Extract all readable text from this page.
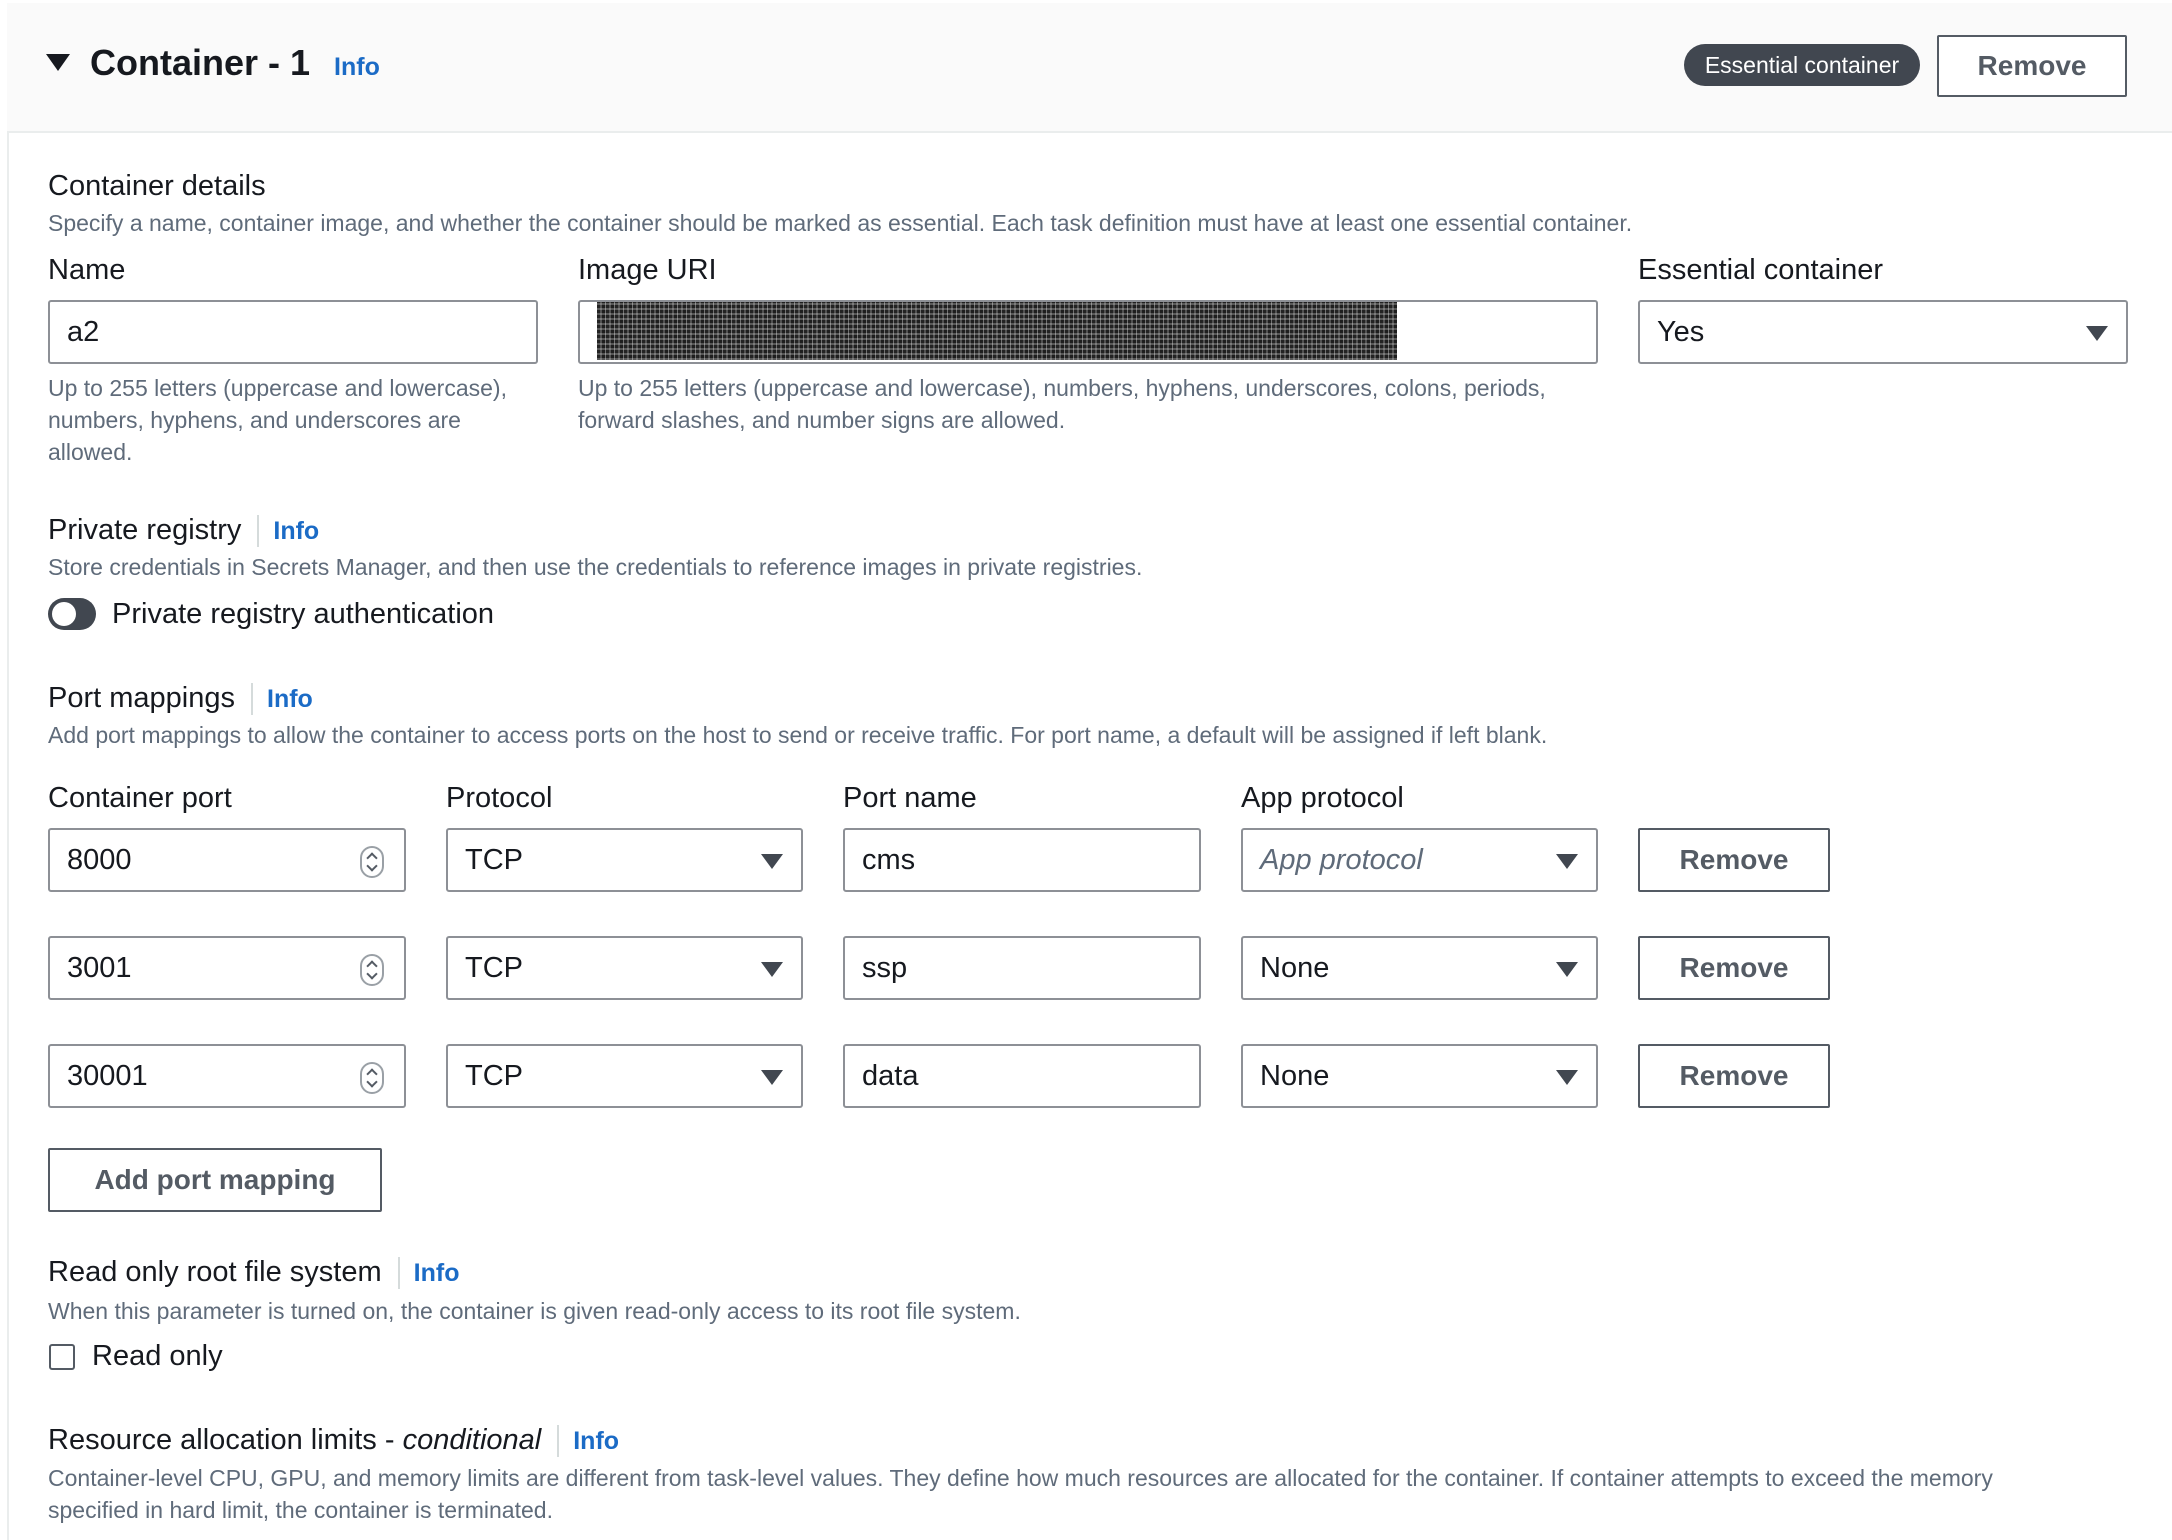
Container - 1 Info	Essential container	Remove
Container details
Specify a name, container image, and whether the container should be marked as essential. Each task definition must have at least one essential container.
Name
a2
Up to 255 letters (uppercase and lowercase),
numbers, hyphens, and underscores are
allowed.
Image URI
Up to 255 letters (uppercase and lowercase), numbers, hyphens, underscores, colons, periods,
forward slashes, and number signs are allowed.
Essential container
Yes
Private registry Info
Store credentials in Secrets Manager, and then use the credentials to reference images in private registries.
Private registry authentication
Port mappings Info
Add port mappings to allow the container to access ports on the host to send or receive traffic. For port name, a default will be assigned if left blank.
Container port	Protocol	Port name	App protocol
8000	TCP	cms	App protocol	Remove
3001	TCP	ssp	None	Remove
30001	TCP	data	None	Remove
Add port mapping
Read only root file system Info
When this parameter is turned on, the container is given read-only access to its root file system.
Read only
Resource allocation limits - conditional Info
Container-level CPU, GPU, and memory limits are different from task-level values. They define how much resources are allocated for the container. If container attempts to exceed the memory
specified in hard limit, the container is terminated.
